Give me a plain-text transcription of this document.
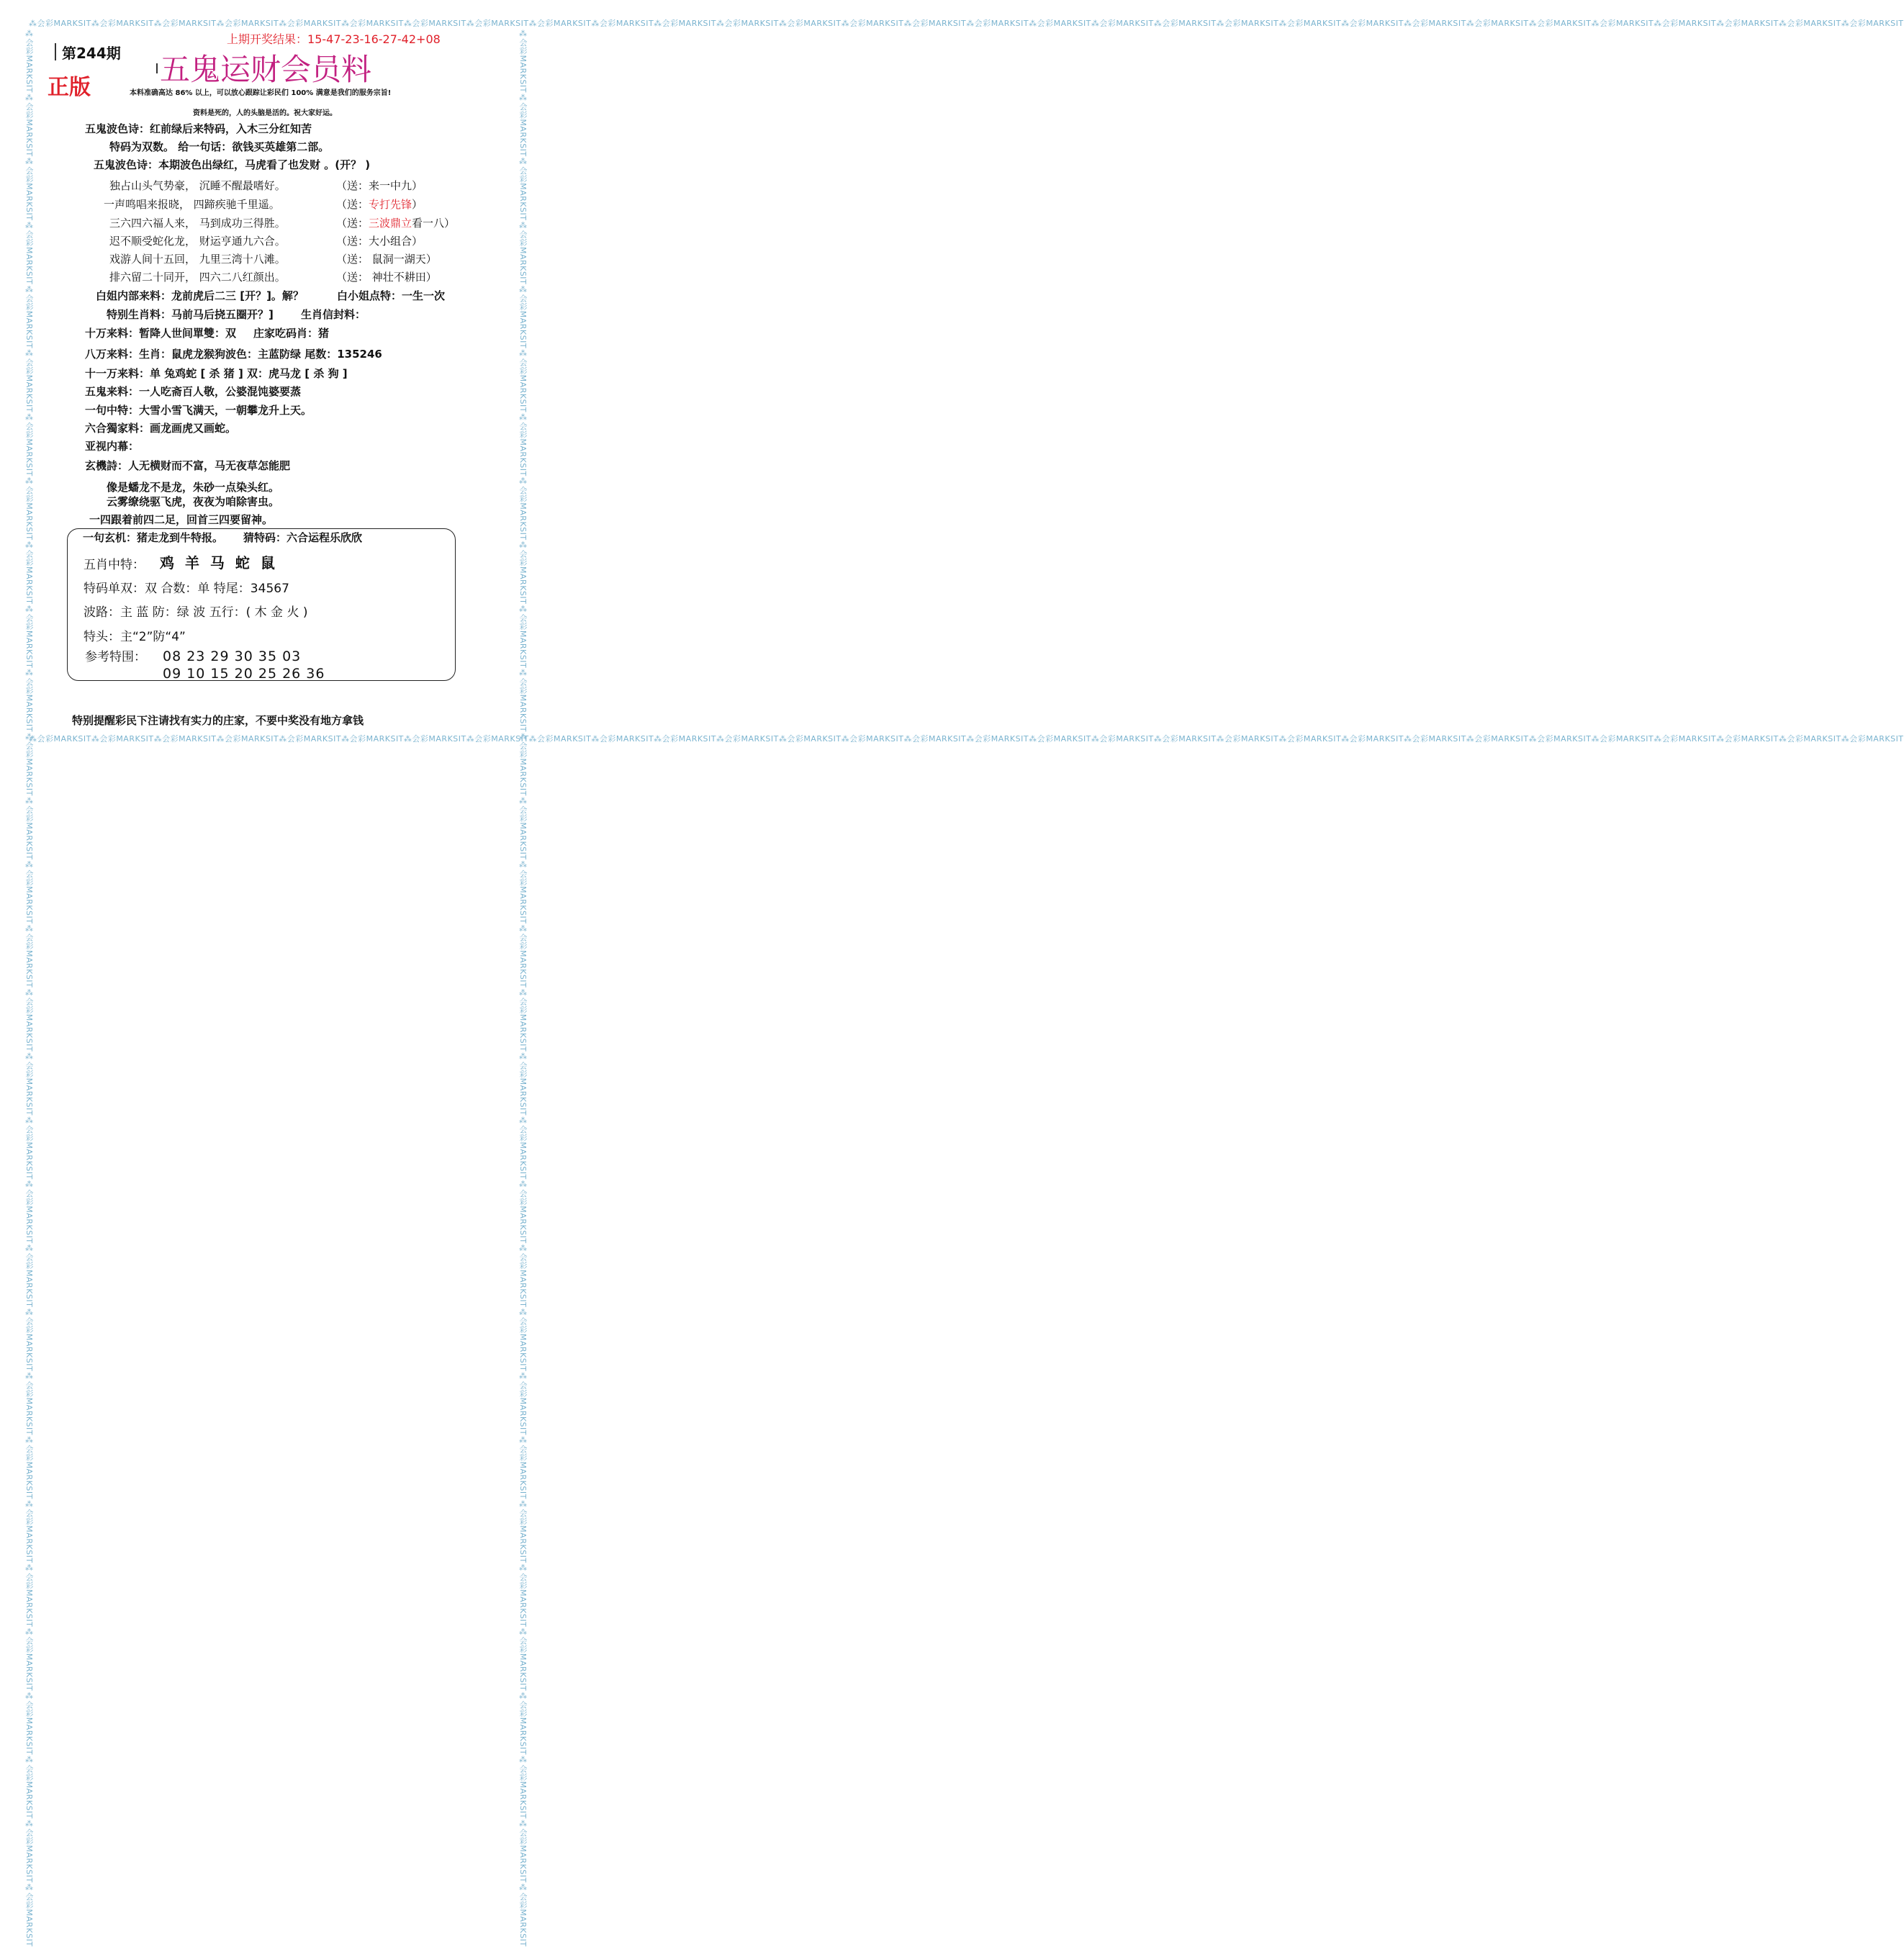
⁂会彩MARKSIT⁂会彩MARKSIT⁂会彩MARKSIT⁂会彩MARKSIT⁂会彩MARKSIT⁂会彩MARKSIT⁂会彩MARKSIT⁂会彩MARKSIT⁂会彩MARKSIT⁂会彩MARKSIT⁂会彩MARKSIT⁂会彩MARKSIT⁂会彩MARKSIT⁂会彩MARKSIT⁂会彩MARKSIT⁂会彩MARKSIT⁂会彩MARKSIT⁂会彩MARKSIT⁂会彩MARKSIT⁂会彩MARKSIT⁂会彩MARKSIT⁂会彩MARKSIT⁂会彩MARKSIT⁂会彩MARKSIT⁂会彩MARKSIT⁂会彩MARKSIT⁂会彩MARKSIT⁂会彩MARKSIT⁂会彩MARKSIT⁂会彩MARKSIT
⁂会彩MARKSIT⁂会彩MARKSIT⁂会彩MARKSIT⁂会彩MARKSIT⁂会彩MARKSIT⁂会彩MARKSIT⁂会彩MARKSIT⁂会彩MARKSIT⁂会彩MARKSIT⁂会彩MARKSIT⁂会彩MARKSIT⁂会彩MARKSIT⁂会彩MARKSIT⁂会彩MARKSIT⁂会彩MARKSIT⁂会彩MARKSIT⁂会彩MARKSIT⁂会彩MARKSIT⁂会彩MARKSIT⁂会彩MARKSIT⁂会彩MARKSIT⁂会彩MARKSIT⁂会彩MARKSIT⁂会彩MARKSIT⁂会彩MARKSIT⁂会彩MARKSIT⁂会彩MARKSIT⁂会彩MARKSIT⁂会彩MARKSIT⁂会彩MARKSIT
⁂会彩MARKSIT⁂会彩MARKSIT⁂会彩MARKSIT⁂会彩MARKSIT⁂会彩MARKSIT⁂会彩MARKSIT⁂会彩MARKSIT⁂会彩MARKSIT⁂会彩MARKSIT⁂会彩MARKSIT⁂会彩MARKSIT⁂会彩MARKSIT⁂会彩MARKSIT⁂会彩MARKSIT⁂会彩MARKSIT⁂会彩MARKSIT⁂会彩MARKSIT⁂会彩MARKSIT⁂会彩MARKSIT⁂会彩MARKSIT⁂会彩MARKSIT⁂会彩MARKSIT⁂会彩MARKSIT⁂会彩MARKSIT⁂会彩MARKSIT⁂会彩MARKSIT⁂会彩MARKSIT⁂会彩MARKSIT⁂会彩MARKSIT⁂会彩MARKSIT	⁂会彩MARKSIT⁂会彩MARKSIT⁂会彩MARKSIT⁂会彩MARKSIT⁂会彩MARKSIT⁂会彩MARKSIT⁂会彩MARKSIT⁂会彩MARKSIT⁂会彩MARKSIT⁂会彩MARKSIT⁂会彩MARKSIT⁂会彩MARKSIT⁂会彩MARKSIT⁂会彩MARKSIT⁂会彩MARKSIT⁂会彩MARKSIT⁂会彩MARKSIT⁂会彩MARKSIT⁂会彩MARKSIT⁂会彩MARKSIT⁂会彩MARKSIT⁂会彩MARKSIT⁂会彩MARKSIT⁂会彩MARKSIT⁂会彩MARKSIT⁂会彩MARKSIT⁂会彩MARKSIT⁂会彩MARKSIT⁂会彩MARKSIT⁂会彩MARKSIT
第244期
上期开奖结果：15-47-23-16-27-42+08
五鬼运财会员料
正版	本料准确高达 86% 以上，可以放心跟踪让彩民们 100% 满意是我们的服务宗旨!
资料是死的，人的头脑是活的。祝大家好运。
五鬼波色诗：红前绿后来特码，入木三分红知苦
特码为双数。 给一句话：欲钱买英雄第二部。
五鬼波色诗：本期波色出绿红，马虎看了也发财 。(开？ )
独占山头气势豪， 沉睡不醒最嗜好。	（送：来一中九）
一声鸣唱来报晓， 四蹄疾驰千里遥。	（送：专打先锋）
三六四六福人来， 马到成功三得胜。	（送：三波鼎立看一八）
迟不顺受蛇化龙， 财运亨通九六合。	（送：大小组合）
戏游人间十五回， 九里三湾十八滩。	（送： 鼠洞一湖天）
排六留二十同开， 四六二八红颜出。	（送： 神壮不耕田）
白姐内部来料：龙前虎后二三 [开？]。解？	白小姐点特：一生一次
特别生肖料：马前马后挠五圈开？]	生肖信封料：
十万来料：暂降人世间單雙：双 庄家吃码肖：猪
八万来料：生肖：鼠虎龙猴狗波色：主蓝防绿 尾数：135246
十一万来料：单 兔鸡蛇 [ 杀 猪 ] 双：虎马龙 [ 杀 狗 ]
五鬼来料：一人吃斋百人敬，公婆混饨婆要蒸
一句中特：大雪小雪飞满天，一朝攀龙升上天。
六合獨家料：画龙画虎又画蛇。
亚视内幕：
玄機詩：人无横财而不富，马无夜草怎能肥
像是蟠龙不是龙，朱砂一点染头红。
云雾缭绕驱飞虎，夜夜为咱除害虫。
一四跟着前四二足，回首三四要留神。
一句玄机：猪走龙到牛特报。 猜特码：六合运程乐欣欣
五肖中特： 鸡 羊 马 蛇 鼠
特码单双：双 合数：单 特尾：34567
波路：主 蓝 防：绿 波 五行：( 木 金 火 )
特头：主“2”防“4”
参考特围： 08 23 29 30 35 03
09 10 15 20 25 26 36
特别提醒彩民下注请找有实力的庄家，不要中奖没有地方拿钱
